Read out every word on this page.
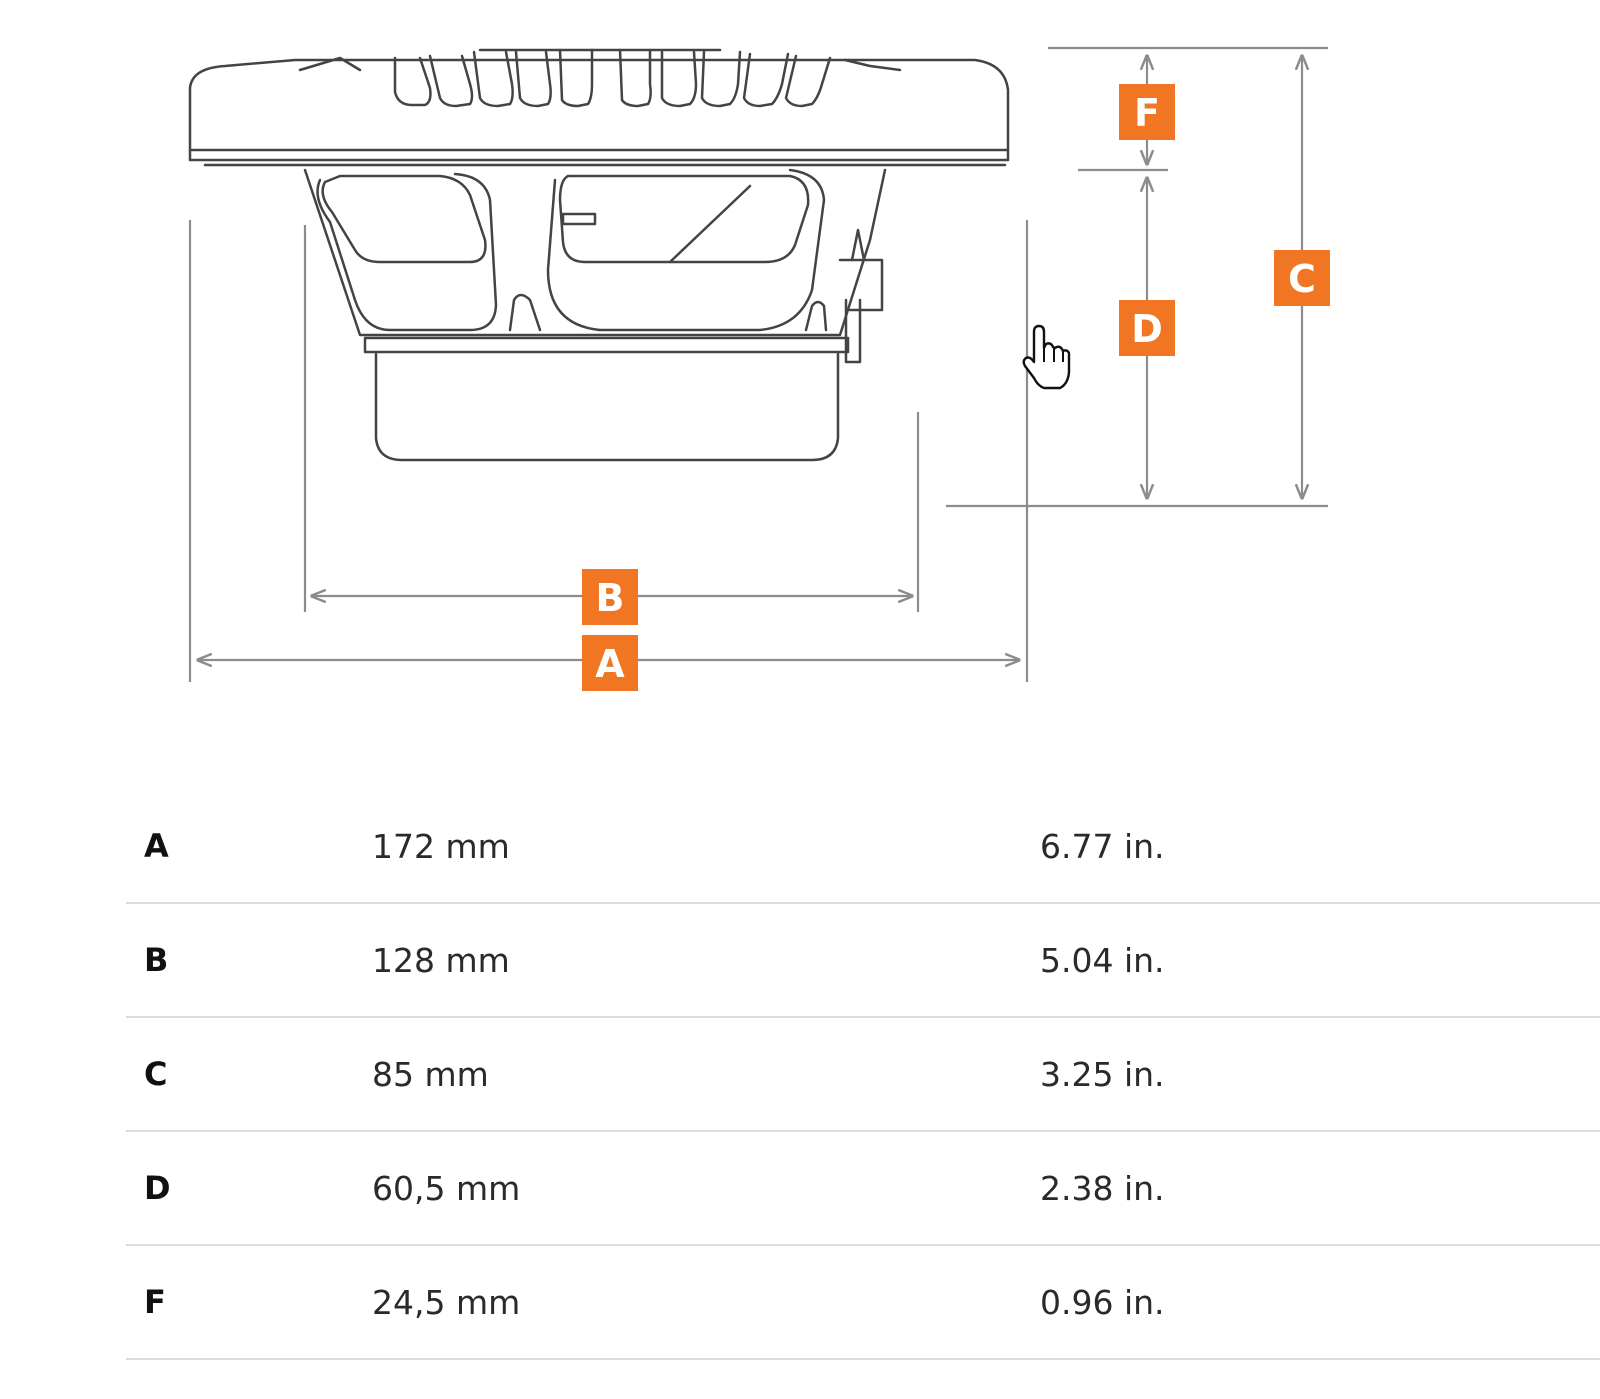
F
D
C
B
A
A	172 mm	6.77 in.
B	128 mm	5.04 in.
C	85 mm	3.25 in.
D	60,5 mm	2.38 in.
F	24,5 mm	0.96 in.
